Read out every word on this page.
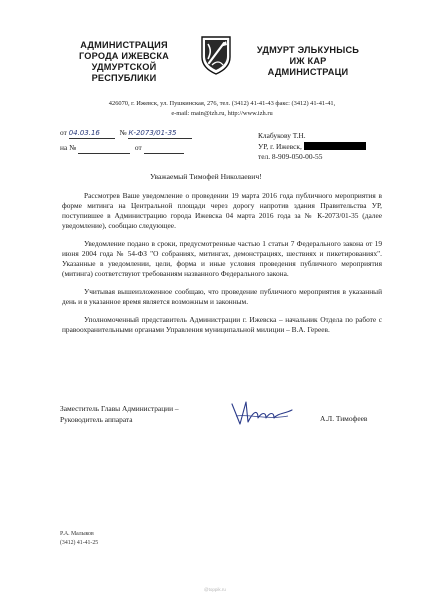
АДМИНИСТРАЦИЯ
ГОРОДА ИЖЕВСКА
УДМУРТСКОЙ
РЕСПУБЛИКИ
УДМУРТ ЭЛЬКУНЫСЬ
ИЖ КАР
АДМИНИСТРАЦИ
426070, г. Ижевск, ул. Пушкинская, 276, тел. (3412) 41-41-43 факс: (3412) 41-41-41,
e-mail: main@izh.ru, http://www.izh.ru
от 04.03.16	№ К-2073/01-35
на №	от
Клабукову Т.Н.
УР, г. Ижевск,
тел. 8-909-050-00-55
Уважаемый Тимофей Николаевич!

Рассмотрев Ваше уведомление о проведении 19 марта 2016 года публичного мероприятия в форме митинга на Центральной площади через дорогу напротив здания Правительства УР, поступившее в Администрацию города Ижевска 04 марта 2016 года за № К-2073/01-35 (далее уведомление), сообщаю следующее.

Уведомление подано в сроки, предусмотренные частью 1 статьи 7 Федерального закона от 19 июня 2004 года № 54-ФЗ "О собраниях, митингах, демонстрациях, шествиях и пикетированиях". Указанные в уведомлении, цели, форма и иные условия проведения публичного мероприятия (митинга) соответствуют требованиям названного Федерального закона.

Учитывая вышеизложенное сообщаю, что проведение публичного мероприятия в указанный день и в указанное время является возможным и законным.

Уполномоченный представитель Администрации г. Ижевска – начальник Отдела по работе с правоохранительными органами Управления муниципальной милиции – В.А. Гереев.

Заместитель Главы Администрации –
Руководитель аппарата	А.Л. Тимофеев
Р.А. Малыков
(3412) 41-41-25
@toppik.ru
